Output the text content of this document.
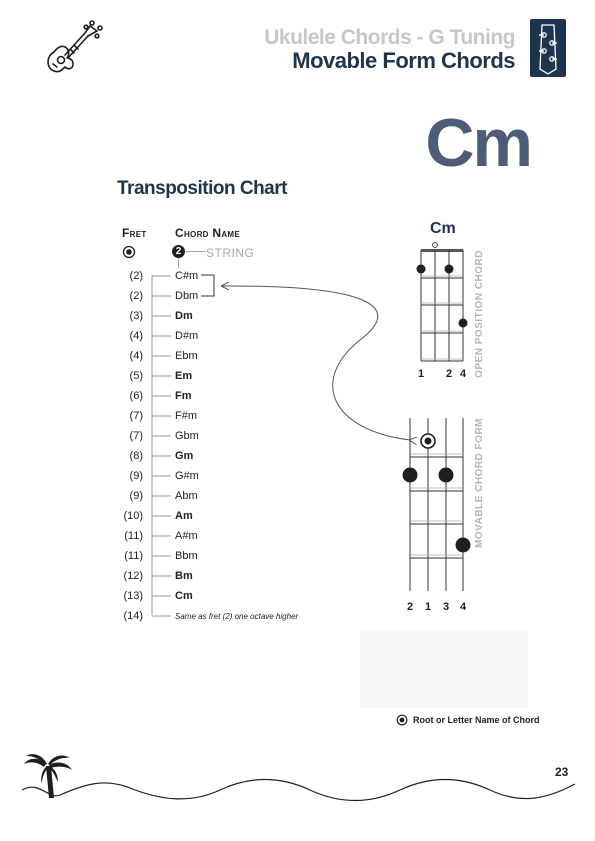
Ukulele Chords - G Tuning
Movable Form Chords
Cm
Transposition Chart
Fret Chord Name
2	STRING
(2)	C#m
(2)	Dbm
(3)	Dm
(4)	D#m
(4)	Ebm
(5)	Em
(6)	Fm
(7)	F#m
(7)	Gbm
(8)	Gm
(9)	G#m
(9)	Abm
(10)	Am
(11)	A#m
(11)	Bbm
(12)	Bm
(13)	Cm
(14)	Same as fret (2) one octave higher
Cm
1 2 4 OPEN POSITION CHORD
2 1 3 4
MOVABLE CHORD FORM
Root or Letter Name of Chord
23
